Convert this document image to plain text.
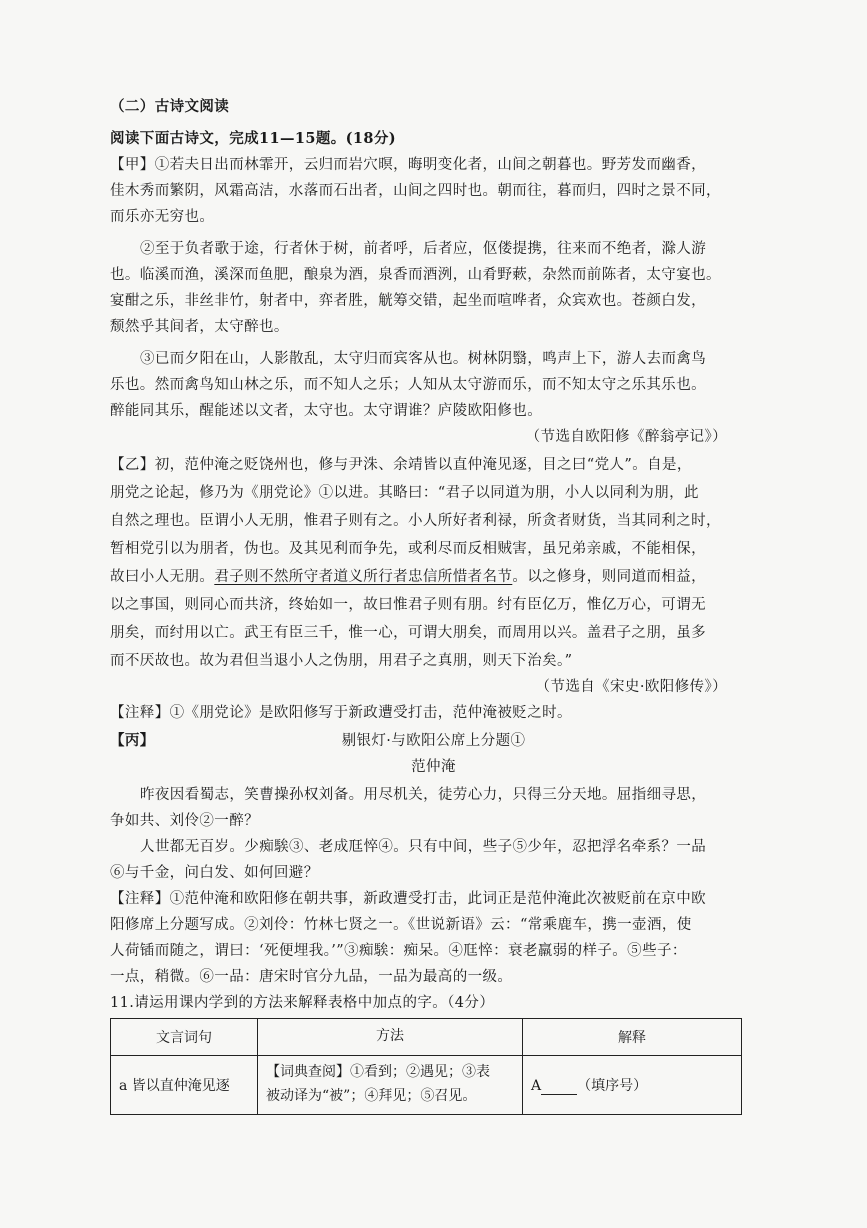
（二）古诗文阅读
阅读下面古诗文，完成11—15题。(18分)
【甲】①若夫日出而林霏开，云归而岩穴暝，晦明变化者，山间之朝暮也。野芳发而幽香，
佳木秀而繁阴，风霜高洁，水落而石出者，山间之四时也。朝而往，暮而归，四时之景不同，
而乐亦无穷也。
②至于负者歌于途，行者休于树，前者呼，后者应，伛偻提携，往来而不绝者，滁人游
也。临溪而渔，溪深而鱼肥，酿泉为酒，泉香而酒洌，山肴野蔌，杂然而前陈者，太守宴也。
宴酣之乐，非丝非竹，射者中，弈者胜，觥筹交错，起坐而喧哗者，众宾欢也。苍颜白发，
颓然乎其间者，太守醉也。
③已而夕阳在山，人影散乱，太守归而宾客从也。树林阴翳，鸣声上下，游人去而禽鸟
乐也。然而禽鸟知山林之乐，而不知人之乐；人知从太守游而乐，而不知太守之乐其乐也。
醉能同其乐，醒能述以文者，太守也。太守谓谁？庐陵欧阳修也。
（节选自欧阳修《醉翁亭记》）
【乙】初，范仲淹之贬饶州也，修与尹洙、余靖皆以直仲淹见逐，目之曰“党人”。自是，
朋党之论起，修乃为《朋党论》①以进。其略曰：“君子以同道为朋，小人以同利为朋，此
自然之理也。臣谓小人无朋，惟君子则有之。小人所好者利禄，所贪者财货，当其同利之时，
暂相党引以为朋者，伪也。及其见利而争先，或利尽而反相贼害，虽兄弟亲戚，不能相保，
故曰小人无朋。君子则不然所守者道义所行者忠信所惜者名节。以之修身，则同道而相益，
以之事国，则同心而共济，终始如一，故曰惟君子则有朋。纣有臣亿万，惟亿万心，可谓无
朋矣，而纣用以亡。武王有臣三千，惟一心，可谓大朋矣，而周用以兴。盖君子之朋，虽多
而不厌故也。故为君但当退小人之伪朋，用君子之真朋，则天下治矣。”
（节选自《宋史·欧阳修传》）
【注释】①《朋党论》是欧阳修写于新政遭受打击，范仲淹被贬之时。
【丙】	剔银灯·与欧阳公席上分题①
范仲淹
昨夜因看蜀志，笑曹操孙权刘备。用尽机关，徒劳心力，只得三分天地。屈指细寻思，
争如共、刘伶②一醉？
人世都无百岁。少痴騃③、老成尫悴④。只有中间，些子⑤少年，忍把浮名牵系？一品
⑥与千金，问白发、如何回避？
【注释】①范仲淹和欧阳修在朝共事，新政遭受打击，此词正是范仲淹此次被贬前在京中欧
阳修席上分题写成。②刘伶：竹林七贤之一。《世说新语》云：“常乘鹿车，携一壶酒，使
人荷锸而随之，谓曰：‘死便埋我。’”③痴騃：痴呆。④尫悴：衰老羸弱的样子。⑤些子：
一点，稍微。⑥一品：唐宋时官分九品，一品为最高的一级。
11.请运用课内学到的方法来解释表格中加点的字。（4分）
文言词句	方法	解释
a 皆以直仲淹见逐	【词典查阅】①看到；②遇见；③表
被动译为“被”；④拜见；⑤召见。	A （填序号）
